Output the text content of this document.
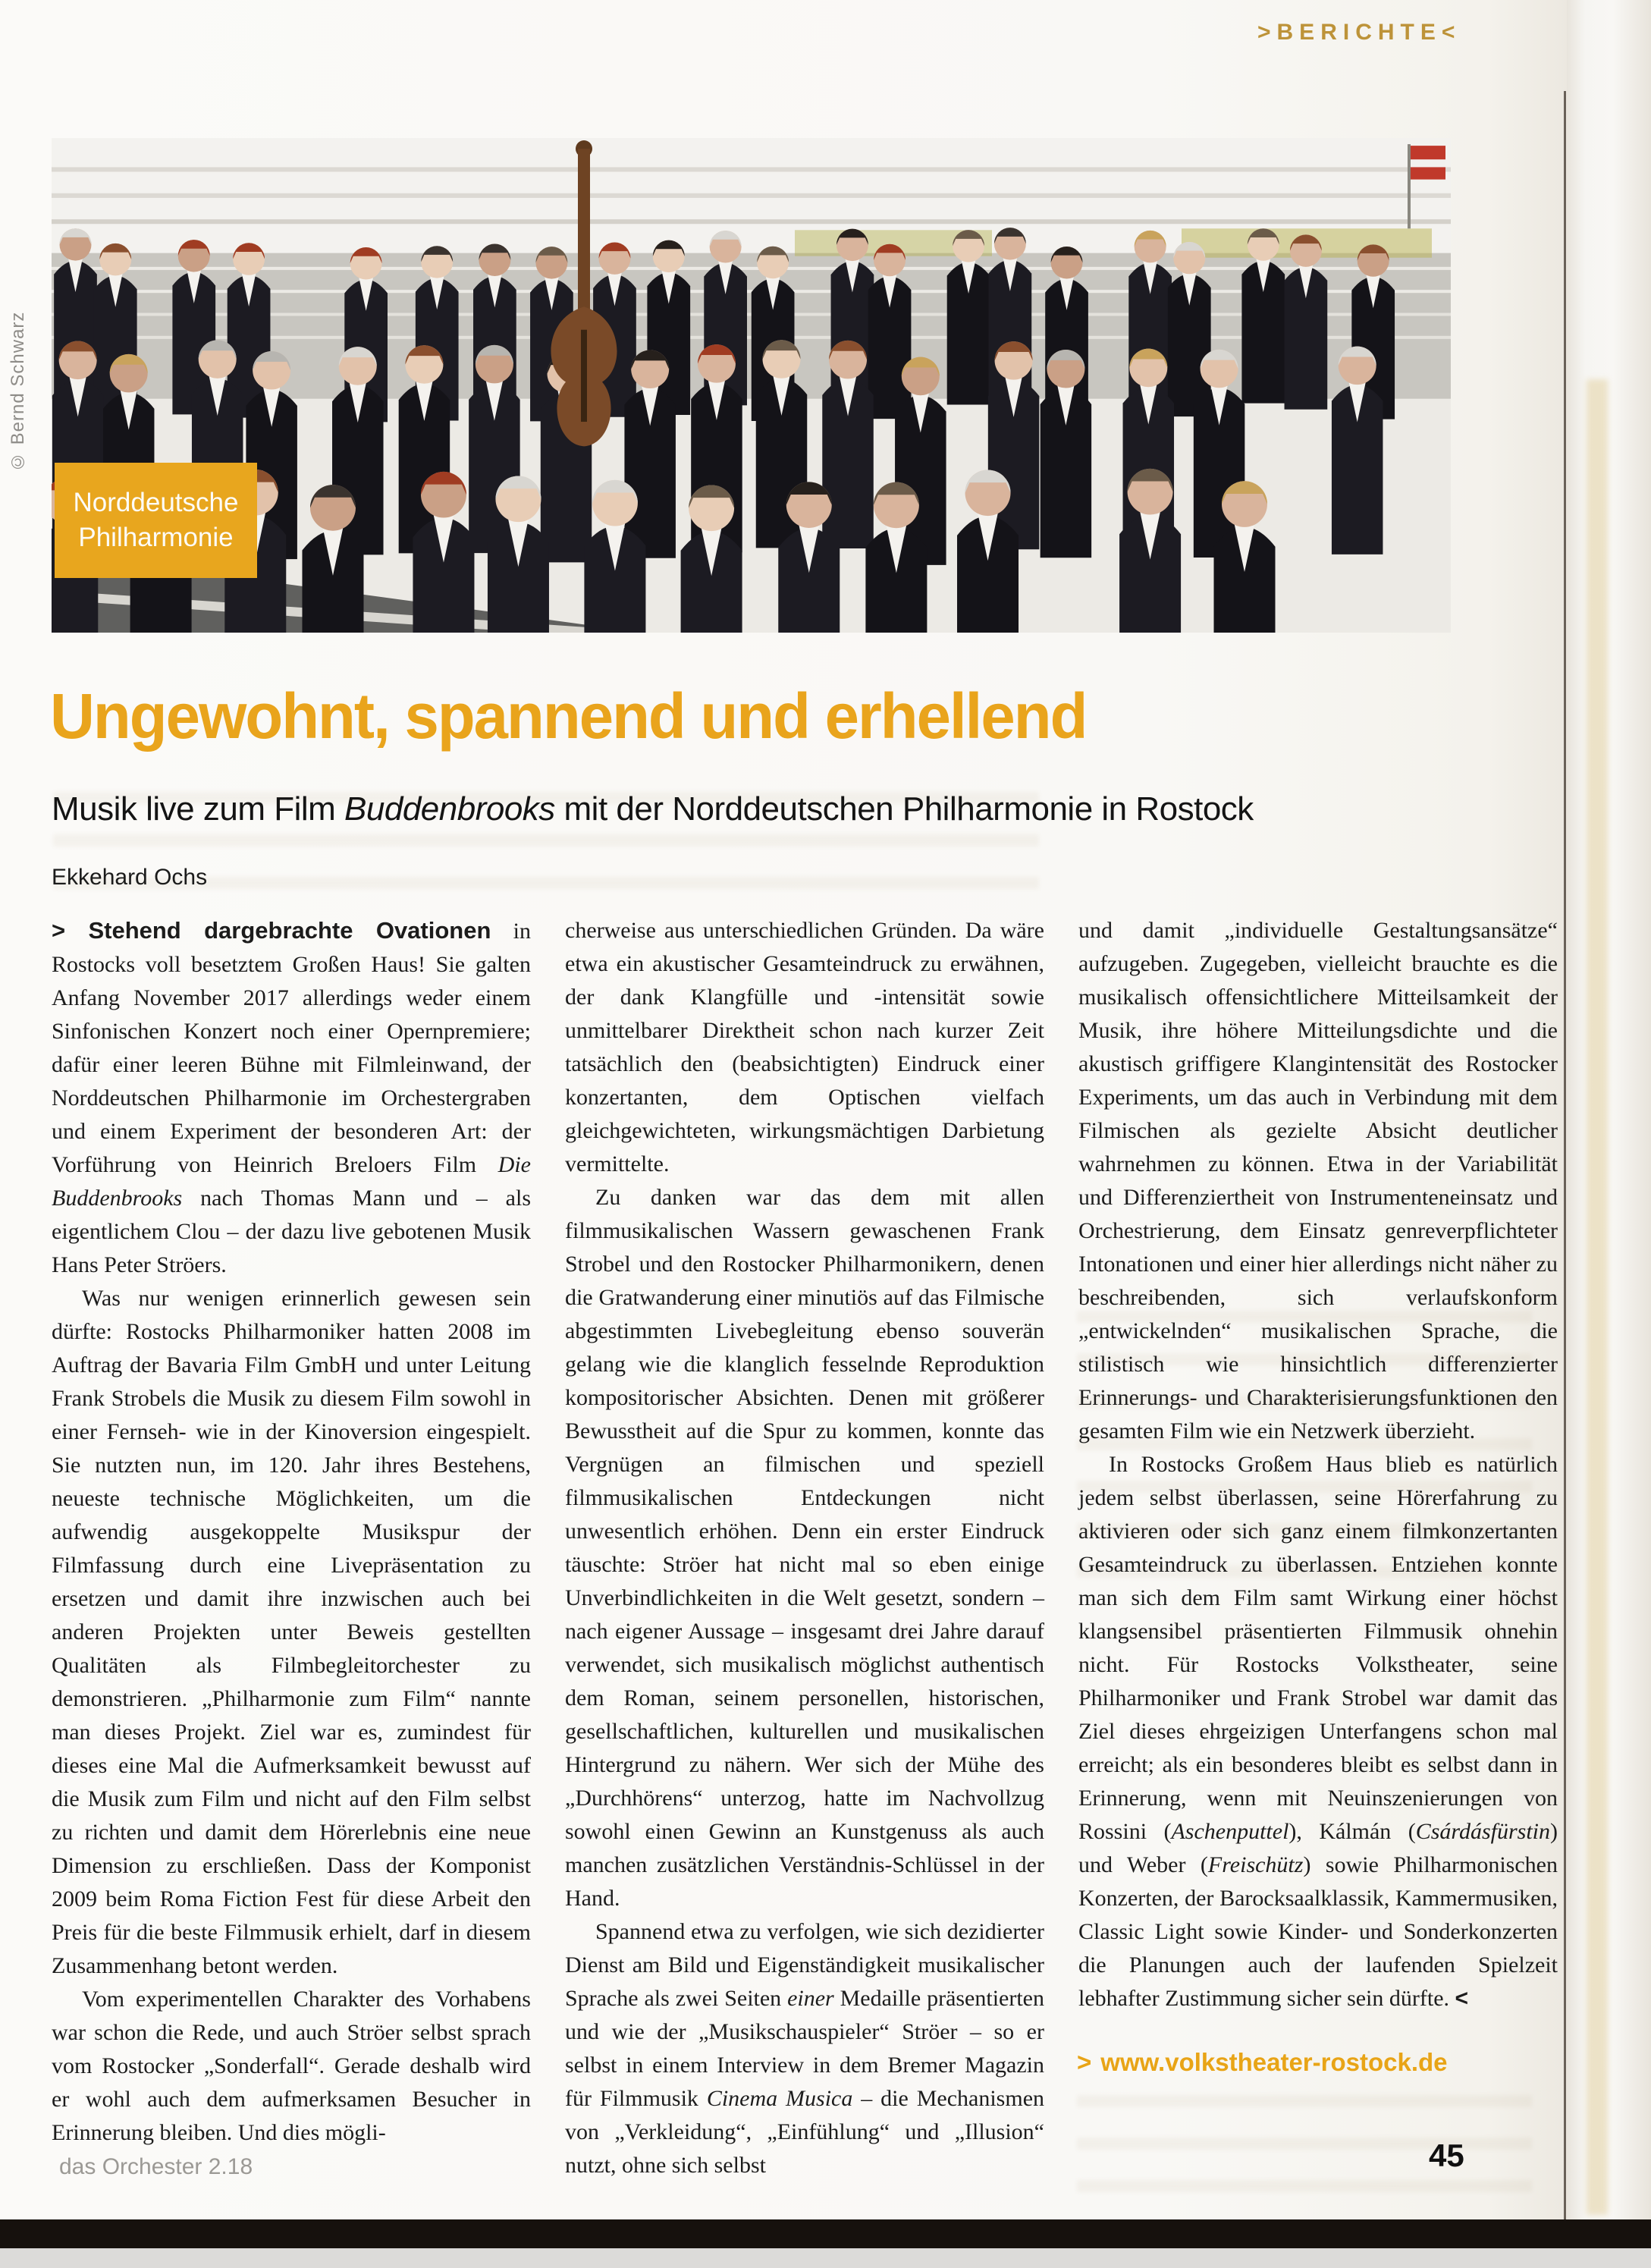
>BERICHTE<
© Bernd Schwarz
Norddeutsche
Philharmonie
Ungewohnt, spannend und erhellend
Musik live zum Film Buddenbrooks mit der Norddeutschen Philharmonie in Rostock
Ekkehard Ochs

> Stehend dargebrachte Ovationen in Rostocks voll besetztem Großen Haus! Sie galten Anfang November 2017 allerdings weder einem Sinfonischen Konzert noch einer Opernpremiere; dafür einer leeren Bühne mit Filmleinwand, der Norddeutschen Philharmonie im Orchestergraben und einem Experiment der besonderen Art: der Vorführung von Heinrich Breloers Film Die Buddenbrooks nach Thomas Mann und – als eigentlichem Clou – der dazu live gebotenen Musik Hans Peter Ströers.

Was nur wenigen erinnerlich gewesen sein dürfte: Rostocks Philharmoniker hatten 2008 im Auftrag der Bavaria Film GmbH und unter Leitung Frank Strobels die Musik zu diesem Film sowohl in einer Fernseh- wie in der Kinoversion eingespielt. Sie nutzten nun, im 120. Jahr ihres Bestehens, neueste technische Möglichkeiten, um die aufwendig ausgekoppelte Musikspur der Filmfassung durch eine Livepräsentation zu ersetzen und damit ihre inzwischen auch bei anderen Projekten unter Beweis gestellten Qualitäten als Filmbegleitorchester zu demonstrieren. „Philharmonie zum Film“ nannte man dieses Projekt. Ziel war es, zumindest für dieses eine Mal die Aufmerksamkeit bewusst auf die Musik zum Film und nicht auf den Film selbst zu richten und damit dem Hörerlebnis eine neue Dimension zu erschließen. Dass der Komponist 2009 beim Roma Fiction Fest für diese Arbeit den Preis für die beste Filmmusik erhielt, darf in diesem Zusammenhang betont werden.

Vom experimentellen Charakter des Vorhabens war schon die Rede, und auch Ströer selbst sprach vom Rostocker „Sonderfall“. Gerade deshalb wird er wohl auch dem aufmerksamen Besucher in Erinnerung bleiben. Und dies mögli-

cherweise aus unterschiedlichen Gründen. Da wäre etwa ein akustischer Gesamteindruck zu erwähnen, der dank Klangfülle und -intensität sowie unmittelbarer Direktheit schon nach kurzer Zeit tatsächlich den (beabsichtigten) Eindruck einer konzertanten, dem Optischen vielfach gleichgewichteten, wirkungsmächtigen Darbietung vermittelte.

Zu danken war das dem mit allen filmmusikalischen Wassern gewaschenen Frank Strobel und den Rostocker Philharmonikern, denen die Gratwanderung einer minutiös auf das Filmische abgestimmten Livebegleitung ebenso souverän gelang wie die klanglich fesselnde Reproduktion kompositorischer Absichten. Denen mit größerer Bewusstheit auf die Spur zu kommen, konnte das Vergnügen an filmischen und speziell filmmusikalischen Entdeckungen nicht unwesentlich erhöhen. Denn ein erster Eindruck täuschte: Ströer hat nicht mal so eben einige Unverbindlichkeiten in die Welt gesetzt, sondern – nach eigener Aussage – insgesamt drei Jahre darauf verwendet, sich musikalisch möglichst authentisch dem Roman, seinem personellen, historischen, gesellschaftlichen, kulturellen und musikalischen Hintergrund zu nähern. Wer sich der Mühe des „Durchhörens“ unterzog, hatte im Nachvollzug sowohl einen Gewinn an Kunstgenuss als auch manchen zusätzlichen Verständnis-Schlüssel in der Hand.

Spannend etwa zu verfolgen, wie sich dezidierter Dienst am Bild und Eigenständigkeit musikalischer Sprache als zwei Seiten einer Medaille präsentierten und wie der „Musikschauspieler“ Ströer – so er selbst in einem Interview in dem Bremer Magazin für Filmmusik Cinema Musica – die Mechanismen von „Verkleidung“, „Einfühlung“ und „Illusion“ nutzt, ohne sich selbst

und damit „individuelle Gestaltungsansätze“ aufzugeben. Zugegeben, vielleicht brauchte es die musikalisch offensichtlichere Mitteilsamkeit der Musik, ihre höhere Mitteilungsdichte und die akustisch griffigere Klangintensität des Rostocker Experiments, um das auch in Verbindung mit dem Filmischen als gezielte Absicht deutlicher wahrnehmen zu können. Etwa in der Variabilität und Differenziertheit von Instrumenteneinsatz und Orchestrierung, dem Einsatz genreverpflichteter Intonationen und einer hier allerdings nicht näher zu beschreibenden, sich verlaufskonform „entwickelnden“ musikalischen Sprache, die stilistisch wie hinsichtlich differenzierter Erinnerungs- und Charakterisierungsfunktionen den gesamten Film wie ein Netzwerk überzieht.

In Rostocks Großem Haus blieb es natürlich jedem selbst überlassen, seine Hörerfahrung zu aktivieren oder sich ganz einem filmkonzertanten Gesamteindruck zu überlassen. Entziehen konnte man sich dem Film samt Wirkung einer höchst klangsensibel präsentierten Filmmusik ohnehin nicht. Für Rostocks Volkstheater, seine Philharmoniker und Frank Strobel war damit das Ziel dieses ehrgeizigen Unterfangens schon mal erreicht; als ein besonderes bleibt es selbst dann in Erinnerung, wenn mit Neuinszenierungen von Rossini (Aschenputtel), Kálmán (Csárdásfürstin) und Weber (Freischütz) sowie Philharmonischen Konzerten, der Barocksaalklassik, Kammermusiken, Classic Light sowie Kinder- und Sonderkonzerten die Planungen auch der laufenden Spielzeit lebhafter Zustimmung sicher sein dürfte. <

> www.volkstheater-rostock.de
das Orchester 2.18	45
